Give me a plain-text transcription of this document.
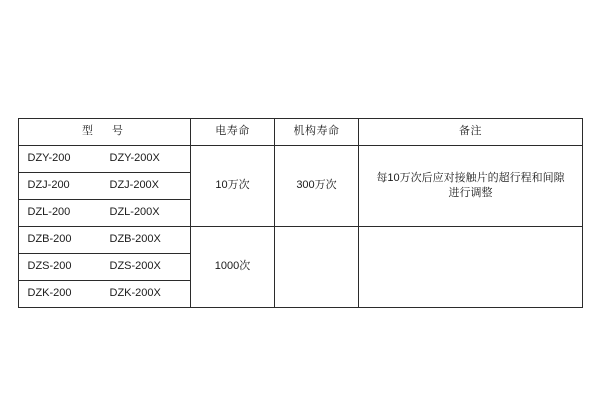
型　号	电寿命	机构寿命	备注

DZY-200 DZY-200X	10万次	300万次	每10万次后应对接触片的超行程和间隙
进行调整

DZJ-200 DZJ-200X			

DZL-200 DZL-200X			

DZB-200 DZB-200X	1000次		

DZS-200 DZS-200X			

DZK-200 DZK-200X			
